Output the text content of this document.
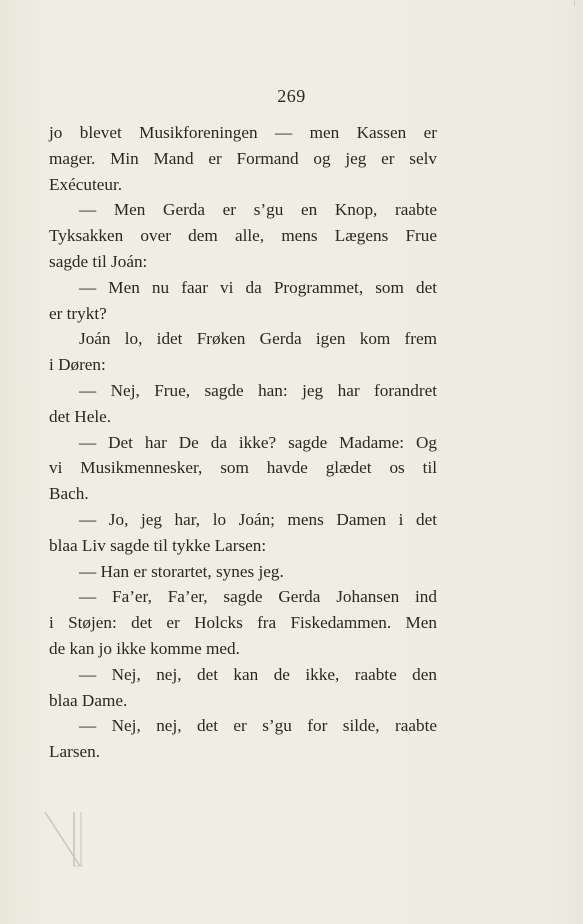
269
jo blevet Musikforeningen — men Kassen er
mager. Min Mand er Formand og jeg er selv
Exécuteur.
— Men Gerda er s’gu en Knop, raabte
Tyksakken over dem alle, mens Lægens Frue
sagde til Joán:
— Men nu faar vi da Programmet, som det
er trykt?
Joán lo, idet Frøken Gerda igen kom frem
i Døren:
— Nej, Frue, sagde han: jeg har forandret
det Hele.
— Det har De da ikke? sagde Madame: Og
vi Musikmennesker, som havde glædet os til
Bach.
— Jo, jeg har, lo Joán; mens Damen i det
blaa Liv sagde til tykke Larsen:
— Han er storartet, synes jeg.
— Fa’er, Fa’er, sagde Gerda Johansen ind
i Støjen: det er Holcks fra Fiskedammen. Men
de kan jo ikke komme med.
— Nej, nej, det kan de ikke, raabte den
blaa Dame.
— Nej, nej, det er s’gu for silde, raabte
Larsen.
